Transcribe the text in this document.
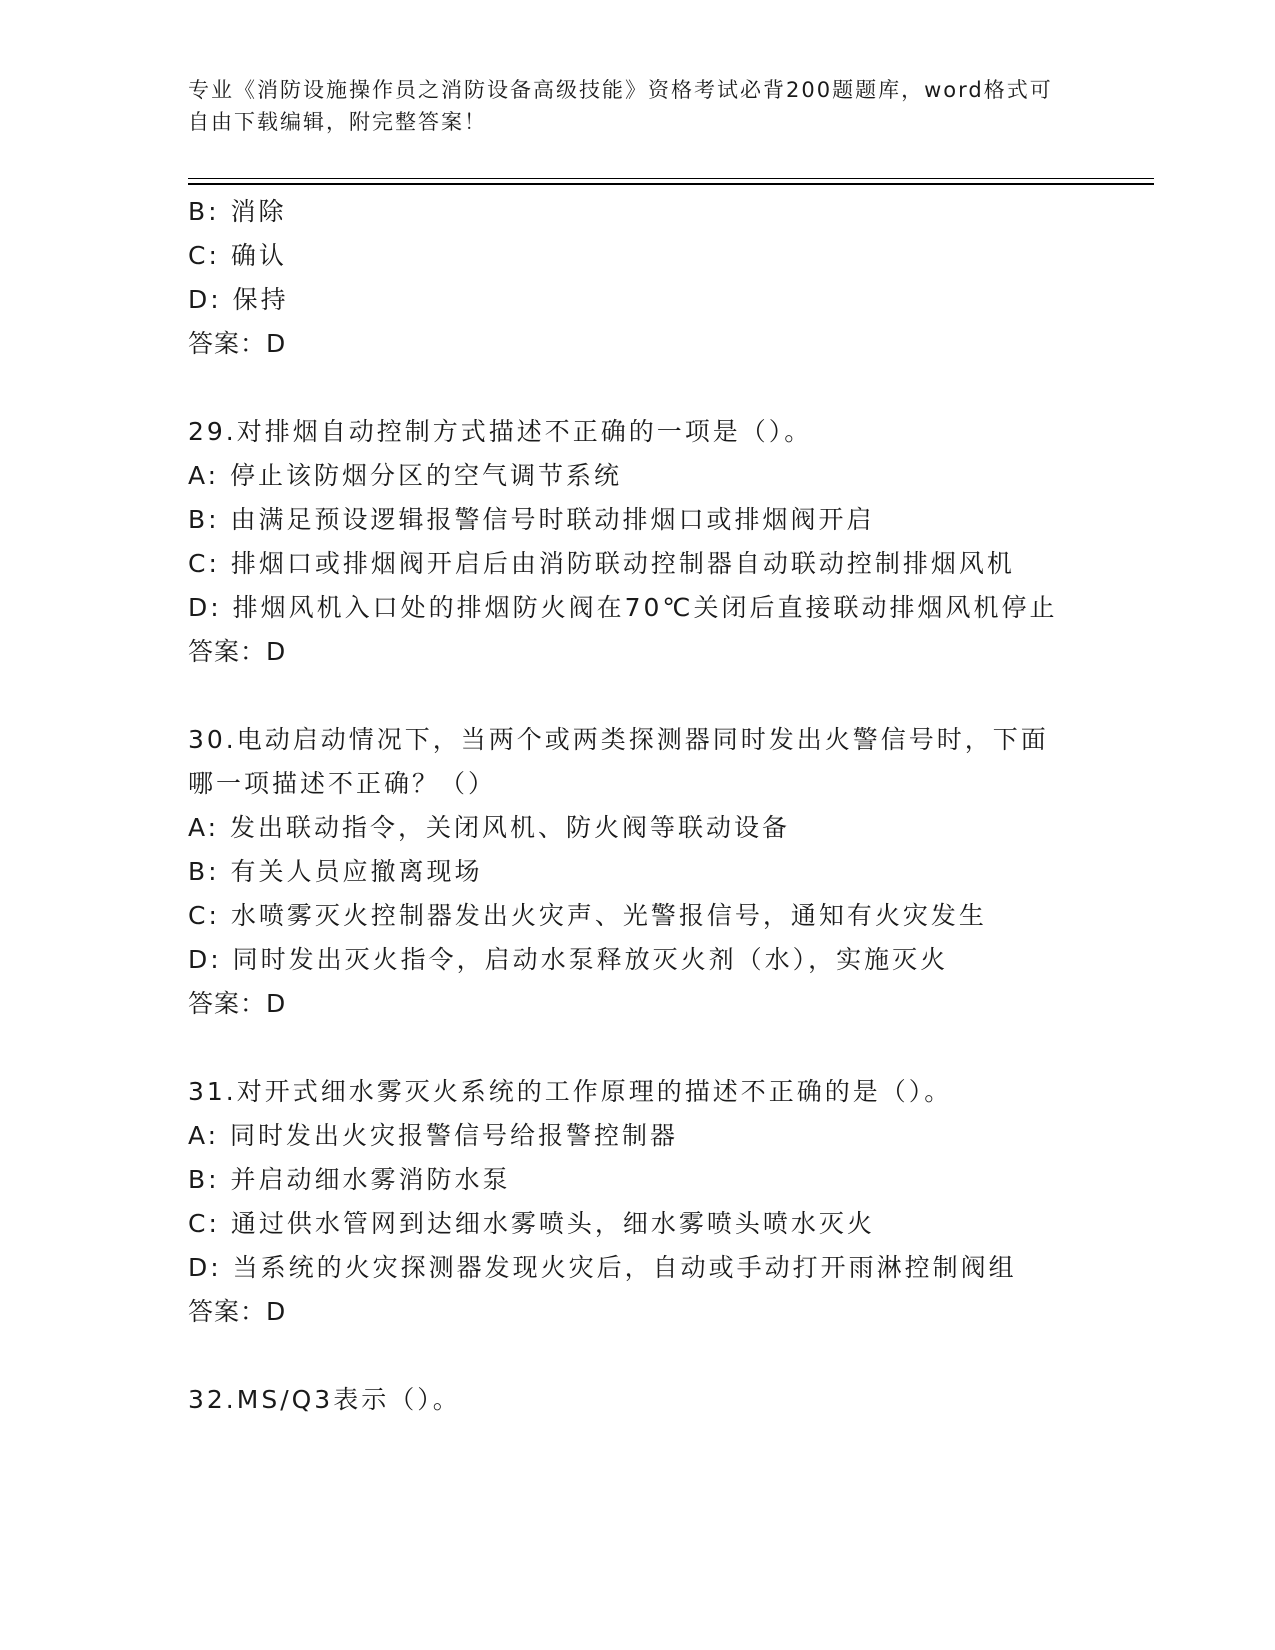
专业《消防设施操作员之消防设备高级技能》资格考试必背200题题库，word格式可自由下载编辑，附完整答案！
B: 消除
C: 确认
D: 保持
答案：D
29.对排烟自动控制方式描述不正确的一项是（）。
A: 停止该防烟分区的空气调节系统
B: 由满足预设逻辑报警信号时联动排烟口或排烟阀开启
C: 排烟口或排烟阀开启后由消防联动控制器自动联动控制排烟风机
D: 排烟风机入口处的排烟防火阀在70℃关闭后直接联动排烟风机停止
答案：D
30.电动启动情况下，当两个或两类探测器同时发出火警信号时，下面
哪一项描述不正确？（）
A: 发出联动指令，关闭风机、防火阀等联动设备
B: 有关人员应撤离现场
C: 水喷雾灭火控制器发出火灾声、光警报信号，通知有火灾发生
D: 同时发出灭火指令，启动水泵释放灭火剂（水），实施灭火
答案：D
31.对开式细水雾灭火系统的工作原理的描述不正确的是（）。
A: 同时发出火灾报警信号给报警控制器
B: 并启动细水雾消防水泵
C: 通过供水管网到达细水雾喷头，细水雾喷头喷水灭火
D: 当系统的火灾探测器发现火灾后，自动或手动打开雨淋控制阀组
答案：D
32.MS/Q3表示（）。
